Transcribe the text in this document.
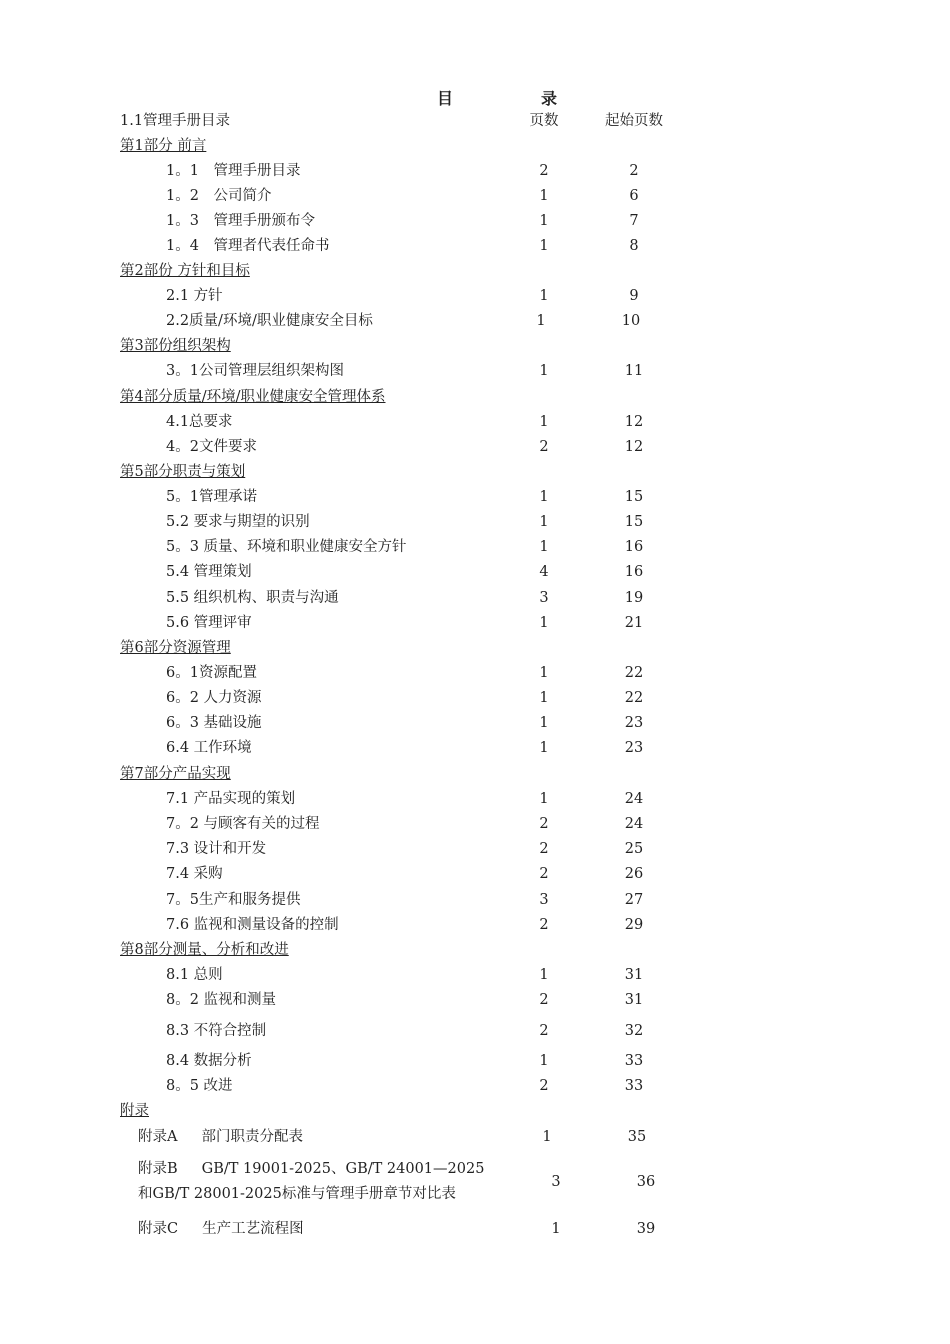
目　录
1.1管理手册目录	页数	起始页数
第1部分 前言
1。1　管理手册目录	2	2
1。2　公司简介	1	6
1。3　管理手册颁布令	1	7
1。4　管理者代表任命书	1	8
第2部份 方针和目标
2.1 方针	1	9
2.2质量/环境/职业健康安全目标	1	10
第3部份组织架构
3。1公司管理层组织架构图	1	11
第4部分质量/环境/职业健康安全管理体系
4.1总要求	1	12
4。2文件要求	2	12
第5部分职责与策划
5。1管理承诺	1	15
5.2 要求与期望的识别	1	15
5。3 质量、环境和职业健康安全方针	1	16
5.4 管理策划	4	16
5.5 组织机构、职责与沟通	3	19
5.6 管理评审	1	21
第6部分资源管理
6。1资源配置	1	22
6。2 人力资源	1	22
6。3 基础设施	1	23
6.4 工作环境	1	23
第7部分产品实现
7.1 产品实现的策划	1	24
7。2 与顾客有关的过程	2	24
7.3 设计和开发	2	25
7.4 采购	2	26
7。5生产和服务提供	3	27
7.6 监视和测量设备的控制	2	29
第8部分测量、分析和改进
8.1 总则	1	31
8。2 监视和测量	2	31
8.3 不符合控制	2	32
8.4 数据分析	1	33
8。5 改进	2	33
附录
附录A 部门职责分配表	1	35
附录B GB/T 19001-2025、GB/T 24001—2025
和GB/T 28001-2025标准与管理手册章节对比表
3	36
附录C 生产工艺流程图	1	39
